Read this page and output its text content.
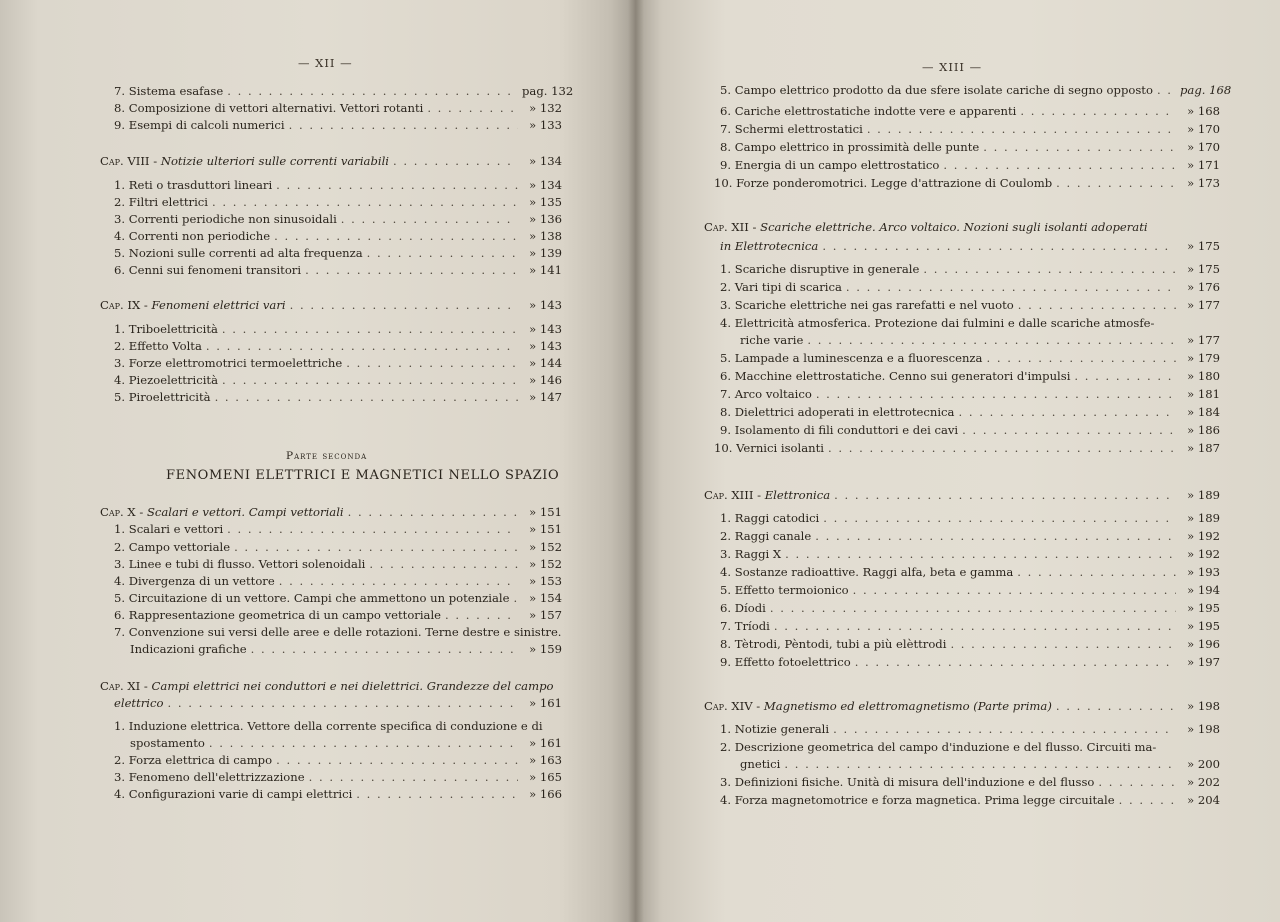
— XII —
7. Sistema esafase . . .	pag. 132
8. Composizione di vettori alternativi. Vettori rotanti . . .	» 132
9. Esempi di calcoli numerici . . .	» 133
Cap. VIII - Notizie ulteriori sulle correnti variabili . . .	» 134
1. Reti o trasduttori lineari . . .	» 134
2. Filtri elettrici . . .	» 135
3. Correnti periodiche non sinusoidali . . .	» 136
4. Correnti non periodiche . . .	» 138
5. Nozioni sulle correnti ad alta frequenza . . .	» 139
6. Cenni sui fenomeni transitori . . .	» 141
Cap. IX - Fenomeni elettrici vari . . .	» 143
1. Triboelettricità . . .	» 143
2. Effetto Volta . . .	» 143
3. Forze elettromotrici termoelettriche . . .	» 144
4. Piezoelettricità . . .	» 146
5. Piroelettricità . . .	» 147
Parte seconda
FENOMENI ELETTRICI E MAGNETICI NELLO SPAZIO
Cap. X - Scalari e vettori. Campi vettoriali . . .	» 151
1. Scalari e vettori . . .	» 151
2. Campo vettoriale . . .	» 152
3. Linee e tubi di flusso. Vettori solenoidali . . .	» 152
4. Divergenza di un vettore . . .	» 153
5. Circuitazione di un vettore. Campi che ammettono un potenziale . . .	» 154
6. Rappresentazione geometrica di un campo vettoriale . . .	» 157
7. Convenzione sui versi delle aree e delle rotazioni. Terne destre e sinistre.
Indicazioni grafiche . . .	» 159
Cap. XI - Campi elettrici nei conduttori e nei dielettrici. Grandezze del campo
elettrico . . .	» 161
1. Induzione elettrica. Vettore della corrente specifica di conduzione e di
spostamento . . .	» 161
2. Forza elettrica di campo . . .	» 163
3. Fenomeno dell'elettrizzazione . . .	» 165
4. Configurazioni varie di campi elettrici . . .	» 166
— XIII —
5. Campo elettrico prodotto da due sfere isolate cariche di segno opposto . . . pag. 168
6. Cariche elettrostatiche indotte vere e apparenti . . .	» 168
7. Schermi elettrostatici . . .	» 170
8. Campo elettrico in prossimità delle punte . . .	» 170
9. Energia di un campo elettrostatico . . .	» 171
10. Forze ponderomotrici. Legge d'attrazione di Coulomb . . .	» 173
Cap. XII - Scariche elettriche. Arco voltaico. Nozioni sugli isolanti adoperati
in Elettrotecnica . . .	» 175
1. Scariche disruptive in generale . . .	» 175
2. Vari tipi di scarica . . .	» 176
3. Scariche elettriche nei gas rarefatti e nel vuoto . . .	» 177
4. Elettricità atmosferica. Protezione dai fulmini e dalle scariche atmosfe-
riche varie . . .	» 177
5. Lampade a luminescenza e a fluorescenza . . .	» 179
6. Macchine elettrostatiche. Cenno sui generatori d'impulsi . . .	» 180
7. Arco voltaico . . .	» 181
8. Dielettrici adoperati in elettrotecnica . . .	» 184
9. Isolamento di fili conduttori e dei cavi . . .	» 186
10. Vernici isolanti . . .	» 187
Cap. XIII - Elettronica . . .	» 189
1. Raggi catodici . . .	» 189
2. Raggi canale . . .	» 192
3. Raggi X . . .	» 192
4. Sostanze radioattive. Raggi alfa, beta e gamma . . .	» 193
5. Effetto termoionico . . .	» 194
6. Díodi . . .	» 195
7. Tríodi . . .	» 195
8. Tètrodi, Pèntodi, tubi a più elèttrodi . . .	» 196
9. Effetto fotoelettrico . . .	» 197
Cap. XIV - Magnetismo ed elettromagnetismo (Parte prima) . . .	» 198
1. Notizie generali . . .	» 198
2. Descrizione geometrica del campo d'induzione e del flusso. Circuiti ma-
gnetici . . .	» 200
3. Definizioni fisiche. Unità di misura dell'induzione e del flusso . . .	» 202
4. Forza magnetomotrice e forza magnetica. Prima legge circuitale . . .	» 204
